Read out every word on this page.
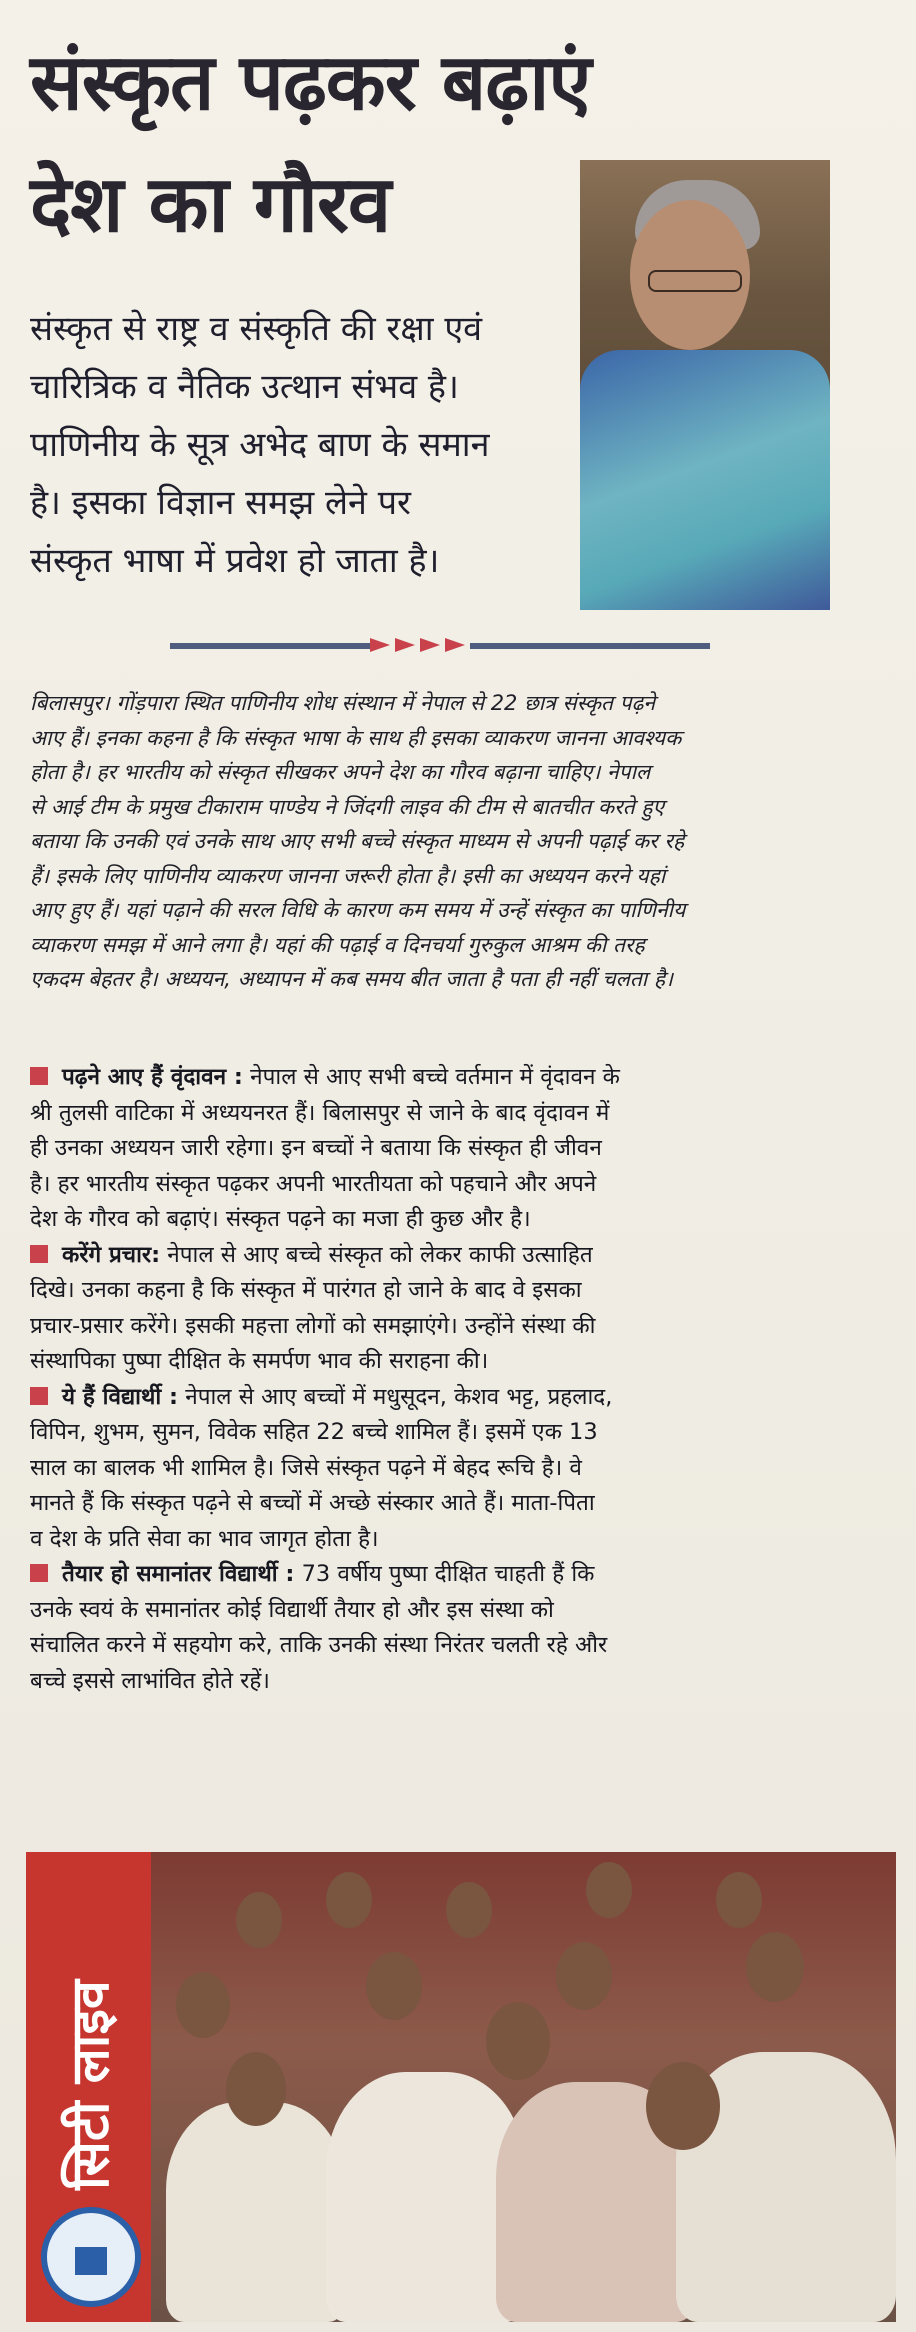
संस्कृत पढ़कर बढ़ाएं
देश का गौरव
संस्कृत से राष्ट्र व संस्कृति की रक्षा एवं
चारित्रिक व नैतिक उत्थान संभव है।
पाणिनीय के सूत्र अभेद बाण के समान
है। इसका विज्ञान समझ लेने पर
संस्कृत भाषा में प्रवेश हो जाता है।
बिलासपुर। गोंड़पारा स्थित पाणिनीय शोध संस्थान में नेपाल से 22 छात्र संस्कृत पढ़ने
आए हैं। इनका कहना है कि संस्कृत भाषा के साथ ही इसका व्याकरण जानना आवश्यक
होता है। हर भारतीय को संस्कृत सीखकर अपने देश का गौरव बढ़ाना चाहिए। नेपाल
से आई टीम के प्रमुख टीकाराम पाण्डेय ने जिंदगी लाइव की टीम से बातचीत करते हुए
बताया कि उनकी एवं उनके साथ आए सभी बच्चे संस्कृत माध्यम से अपनी पढ़ाई कर रहे
हैं। इसके लिए पाणिनीय व्याकरण जानना जरूरी होता है। इसी का अध्ययन करने यहां
आए हुए हैं। यहां पढ़ाने की सरल विधि के कारण कम समय में उन्हें संस्कृत का पाणिनीय
व्याकरण समझ में आने लगा है। यहां की पढ़ाई व दिनचर्या गुरुकुल आश्रम की तरह
एकदम बेहतर है। अध्ययन, अध्यापन में कब समय बीत जाता है पता ही नहीं चलता है।
पढ़ने आए हैं वृंदावन : नेपाल से आए सभी बच्चे वर्तमान में वृंदावन के
श्री तुलसी वाटिका में अध्ययनरत हैं। बिलासपुर से जाने के बाद वृंदावन में
ही उनका अध्ययन जारी रहेगा। इन बच्चों ने बताया कि संस्कृत ही जीवन
है। हर भारतीय संस्कृत पढ़कर अपनी भारतीयता को पहचाने और अपने
देश के गौरव को बढ़ाएं। संस्कृत पढ़ने का मजा ही कुछ और है।
करेंगे प्रचार: नेपाल से आए बच्चे संस्कृत को लेकर काफी उत्साहित
दिखे। उनका कहना है कि संस्कृत में पारंगत हो जाने के बाद वे इसका
प्रचार-प्रसार करेंगे। इसकी महत्ता लोगों को समझाएंगे। उन्होंने संस्था की
संस्थापिका पुष्पा दीक्षित के समर्पण भाव की सराहना की।
ये हैं विद्यार्थी : नेपाल से आए बच्चों में मधुसूदन, केशव भट्ट, प्रहलाद,
विपिन, शुभम, सुमन, विवेक सहित 22 बच्चे शामिल हैं। इसमें एक 13
साल का बालक भी शामिल है। जिसे संस्कृत पढ़ने में बेहद रूचि है। वे
मानते हैं कि संस्कृत पढ़ने से बच्चों में अच्छे संस्कार आते हैं। माता-पिता
व देश के प्रति सेवा का भाव जागृत होता है।
तैयार हो समानांतर विद्यार्थी : 73 वर्षीय पुष्पा दीक्षित चाहती हैं कि
उनके स्वयं के समानांतर कोई विद्यार्थी तैयार हो और इस संस्था को
संचालित करने में सहयोग करे, ताकि उनकी संस्था निरंतर चलती रहे और
बच्चे इससे लाभांवित होते रहें।
सिटी लाइव
